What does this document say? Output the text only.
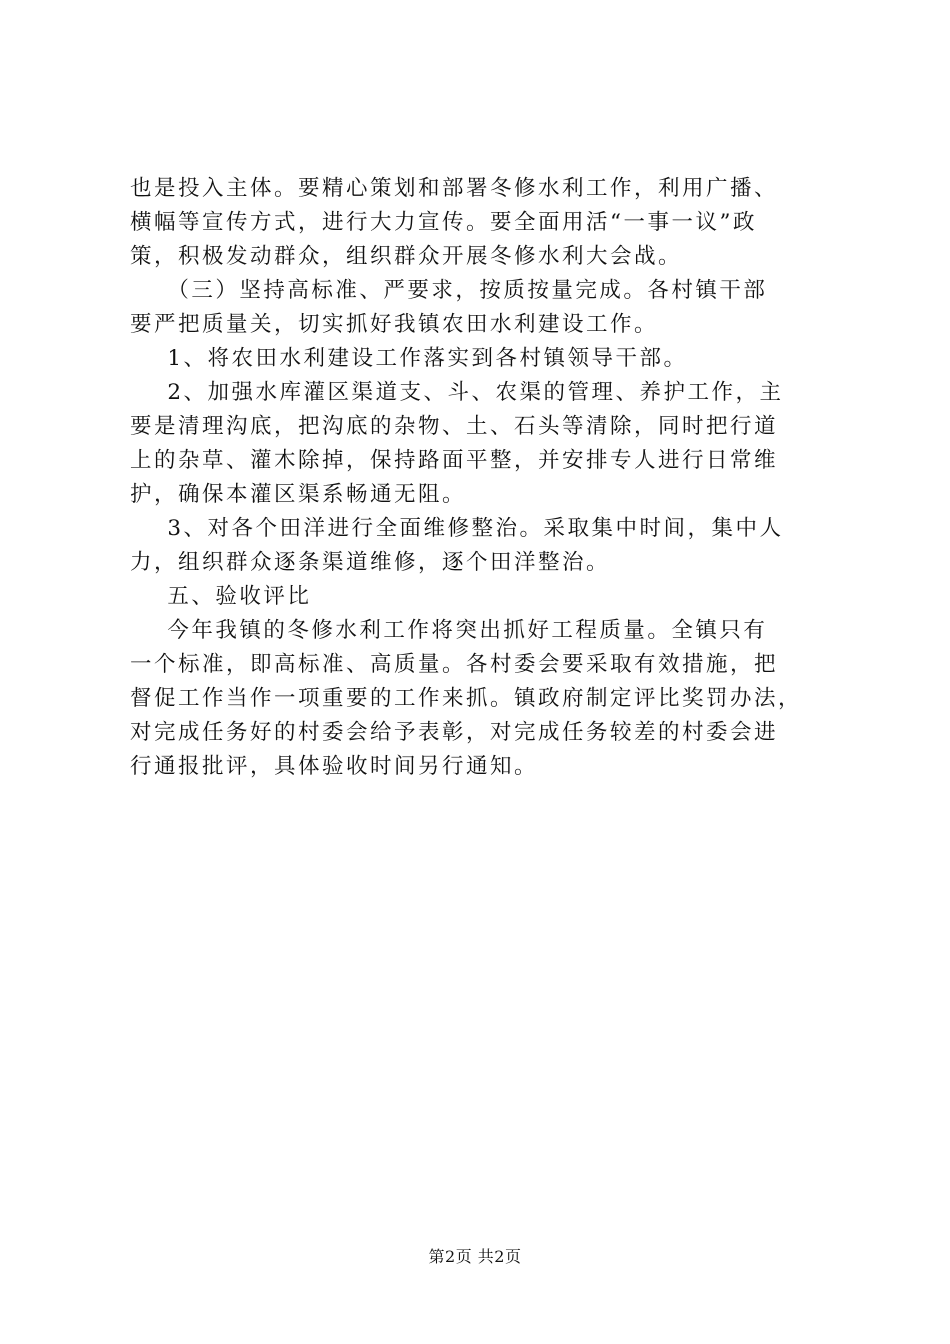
也是投入主体。要精心策划和部署冬修水利工作，利用广播、
横幅等宣传方式，进行大力宣传。要全面用活“一事一议”政
策，积极发动群众，组织群众开展冬修水利大会战。
（三）坚持高标准、严要求，按质按量完成。各村镇干部
要严把质量关，切实抓好我镇农田水利建设工作。
1、将农田水利建设工作落实到各村镇领导干部。
2、加强水库灌区渠道支、斗、农渠的管理、养护工作，主
要是清理沟底，把沟底的杂物、土、石头等清除，同时把行道
上的杂草、灌木除掉，保持路面平整，并安排专人进行日常维
护，确保本灌区渠系畅通无阻。
3、对各个田洋进行全面维修整治。采取集中时间，集中人
力，组织群众逐条渠道维修，逐个田洋整治。
五、验收评比
今年我镇的冬修水利工作将突出抓好工程质量。全镇只有
一个标准，即高标准、高质量。各村委会要采取有效措施，把
督促工作当作一项重要的工作来抓。镇政府制定评比奖罚办法，
对完成任务好的村委会给予表彰，对完成任务较差的村委会进
行通报批评，具体验收时间另行通知。
第2页 共2页
